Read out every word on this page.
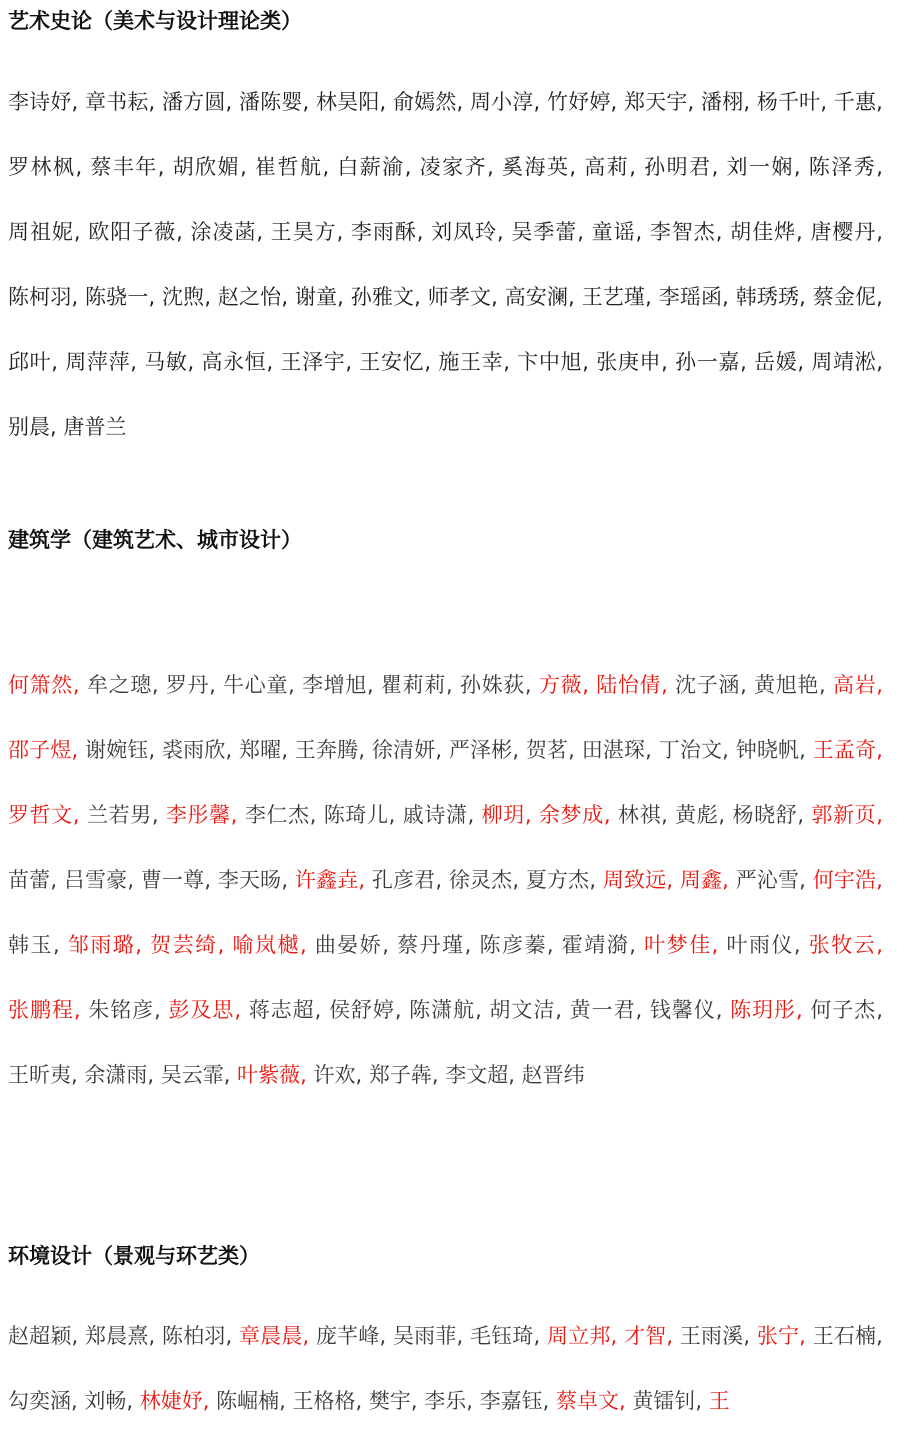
艺术史论（美术与设计理论类）

李诗妤, 章书耘, 潘方圆, 潘陈婴, 林昊阳, 俞嫣然, 周小淳, 竹妤婷, 郑天宇, 潘栩, 杨千叶, 千惠, 罗林枫, 蔡丰年, 胡欣媚, 崔哲航, 白薪渝, 凌家齐, 奚海英, 高莉, 孙明君, 刘一娴, 陈泽秀, 周祖妮, 欧阳子薇, 涂凌菡, 王昊方, 李雨酥, 刘凤玲, 吴季蕾, 童谣, 李智杰, 胡佳烨, 唐樱丹, 陈柯羽, 陈骁一, 沈煦, 赵之怡, 谢童, 孙雅文, 师孝文, 高安澜, 王艺瑾, 李瑶函, 韩琇琇, 蔡金伲, 邱叶, 周萍萍, 马敏, 高永恒, 王泽宇, 王安忆, 施王幸, 卞中旭, 张庚申, 孙一嘉, 岳媛, 周靖淞, 别晨, 唐普兰

建筑学（建筑艺术、城市设计）

何箫然, 牟之璁, 罗丹, 牛心童, 李增旭, 瞿莉莉, 孙姝荻, 方薇, 陆怡倩, 沈子涵, 黄旭艳, 高岩, 邵子煜, 谢婉钰, 裘雨欣, 郑曜, 王奔腾, 徐清妍, 严泽彬, 贺茗, 田湛琛, 丁治文, 钟晓帆, 王孟奇, 罗哲文, 兰若男, 李彤馨, 李仁杰, 陈琦儿, 戚诗潇, 柳玥, 余梦成, 林祺, 黄彪, 杨晓舒, 郭新页, 苗蕾, 吕雪豪, 曹一尊, 李天旸, 许鑫垚, 孔彦君, 徐灵杰, 夏方杰, 周致远, 周鑫, 严沁雪, 何宇浩, 韩玉, 邹雨璐, 贺芸绮, 喻岚樾, 曲晏娇, 蔡丹瑾, 陈彦蓁, 霍靖漪, 叶梦佳, 叶雨仪, 张牧云, 张鹏程, 朱铭彦, 彭及思, 蒋志超, 侯舒婷, 陈潇航, 胡文洁, 黄一君, 钱馨仪, 陈玥彤, 何子杰, 王昕夷, 余潇雨, 吴云霏, 叶紫薇, 许欢, 郑子犇, 李文超, 赵晋纬

环境设计（景观与环艺类）

赵超颖, 郑晨熹, 陈柏羽, 章晨晨, 庞芊峰, 吴雨菲, 毛钰琦, 周立邦, 才智, 王雨溪, 张宁, 王石楠, 勾奕涵, 刘畅, 林婕妤, 陈崛楠, 王格格, 樊宇, 李乐, 李嘉钰, 蔡卓文, 黄镭钊, 王
